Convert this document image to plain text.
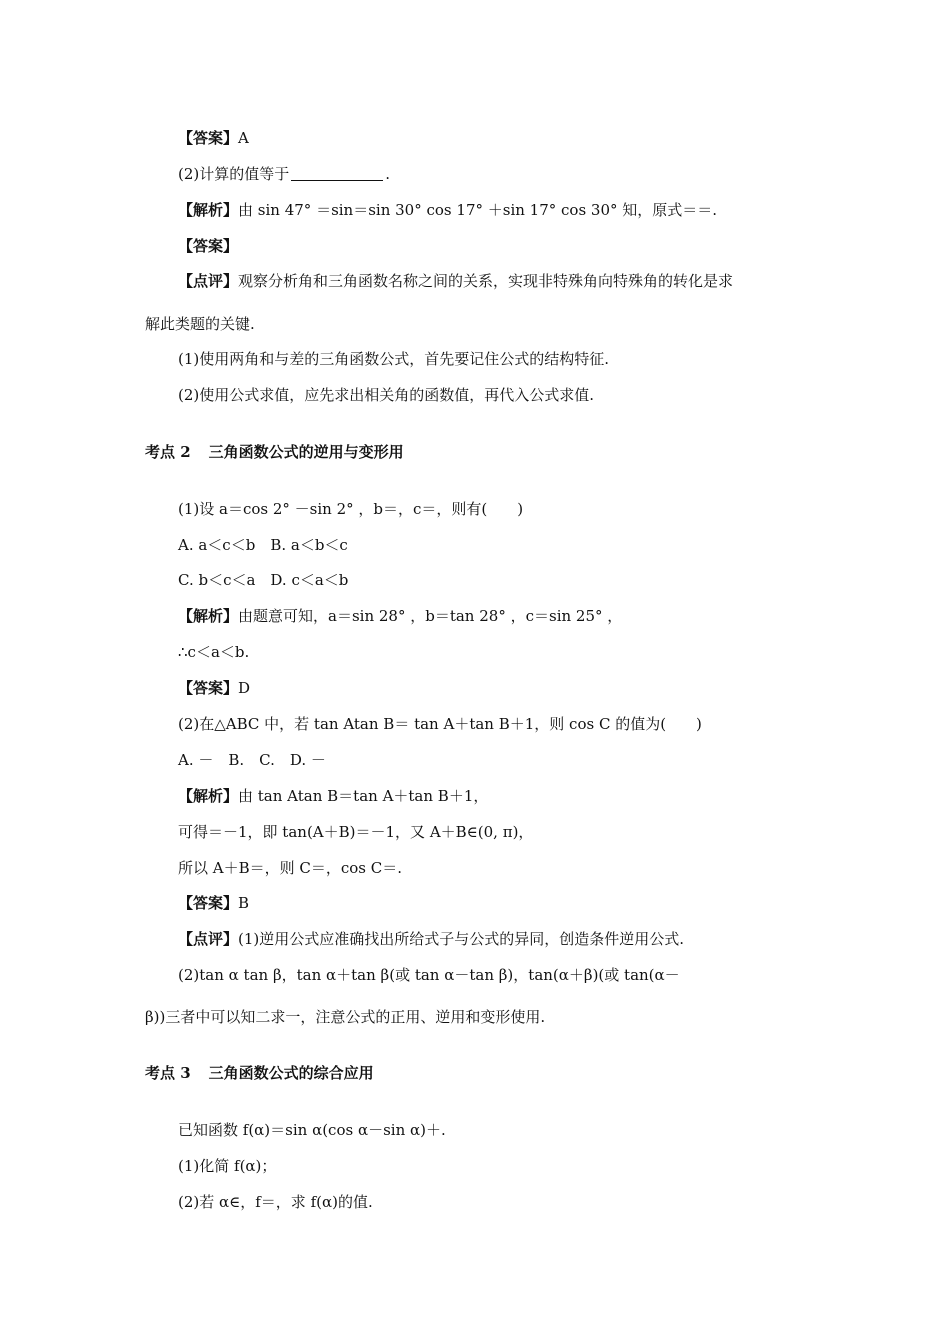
【答案】A
(2)计算的值等于	.
【解析】由 sin 47° ＝sin＝sin 30° cos 17° ＋sin 17° cos 30° 知，原式＝＝.
【答案】
【点评】观察分析角和三角函数名称之间的关系，实现非特殊角向特殊角的转化是求
解此类题的关键.
(1)使用两角和与差的三角函数公式，首先要记住公式的结构特征.
(2)使用公式求值，应先求出相关角的函数值，再代入公式求值.
考点 2 三角函数公式的逆用与变形用
(1)设 a＝cos 2° －sin 2° ，b＝，c＝，则有(　　)
A. a＜c＜b　B. a＜b＜c
C. b＜c＜a　D. c＜a＜b
【解析】由题意可知，a＝sin 28° ，b＝tan 28° ，c＝sin 25° ，
∴c＜a＜b.
【答案】D
(2)在△ABC 中，若 tan Atan B＝ tan A＋tan B＋1，则 cos C 的值为(　　)
A. －　B.　C.　D. －
【解析】由 tan Atan B＝tan A＋tan B＋1，
可得＝－1，即 tan(A＋B)＝－1，又 A＋B∈(0, π)，
所以 A＋B＝，则 C＝，cos C＝.
【答案】B
【点评】(1)逆用公式应准确找出所给式子与公式的异同，创造条件逆用公式.
(2)tan α tan β，tan α＋tan β(或 tan α－tan β)，tan(α＋β)(或 tan(α－
β))三者中可以知二求一，注意公式的正用、逆用和变形使用.
考点 3 三角函数公式的综合应用
已知函数 f(α)＝sin α(cos α－sin α)＋.
(1)化简 f(α)；
(2)若 α∈，f＝，求 f(α)的值.
